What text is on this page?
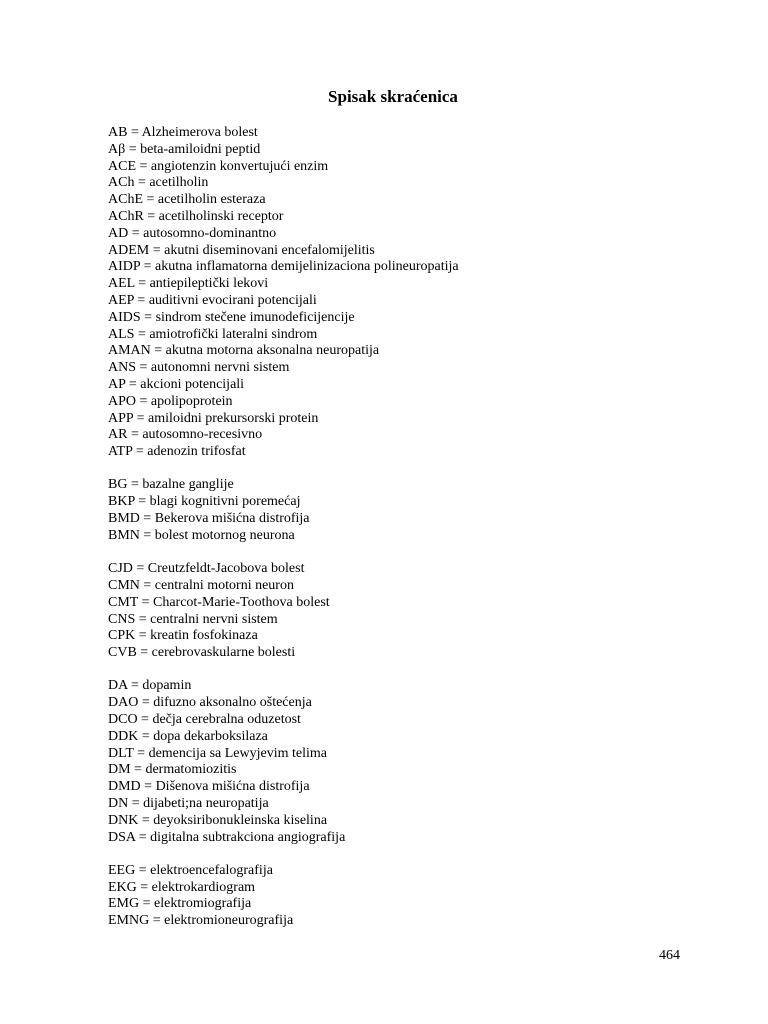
Spisak skraćenica
AB = Alzheimerova bolest
Aβ = beta-amiloidni peptid
ACE = angiotenzin konvertujući enzim
ACh = acetilholin
AChE = acetilholin esteraza
AChR = acetilholinski receptor
AD = autosomno-dominantno
ADEM = akutni diseminovani encefalomijelitis
AIDP = akutna inflamatorna demijelinizaciona polineuropatija
AEL = antiepileptički lekovi
AEP = auditivni evocirani potencijali
AIDS = sindrom stečene imunodeficijencije
ALS = amiotrofički lateralni sindrom
AMAN = akutna motorna aksonalna neuropatija
ANS = autonomni nervni sistem
AP = akcioni potencijali
APO = apolipoprotein
APP = amiloidni prekursorski protein
AR = autosomno-recesivno
ATP = adenozin trifosfat
BG = bazalne ganglije
BKP = blagi kognitivni poremećaj
BMD = Bekerova mišićna distrofija
BMN = bolest motornog neurona
CJD = Creutzfeldt-Jacobova bolest
CMN = centralni motorni neuron
CMT = Charcot-Marie-Toothova bolest
CNS = centralni nervni sistem
CPK = kreatin fosfokinaza
CVB = cerebrovaskularne bolesti
DA = dopamin
DAO = difuzno aksonalno oštećenja
DCO = dečja cerebralna oduzetost
DDK = dopa dekarboksilaza
DLT = demencija sa Lewyjevim telima
DM = dermatomiozitis
DMD = Dišenova mišićna distrofija
DN = dijabeti;na neuropatija
DNK = deyoksiribonukleinska kiselina
DSA = digitalna subtrakciona angiografija
EEG = elektroencefalografija
EKG = elektrokardiogram
EMG = elektromiografija
EMNG = elektromioneurografija
464
